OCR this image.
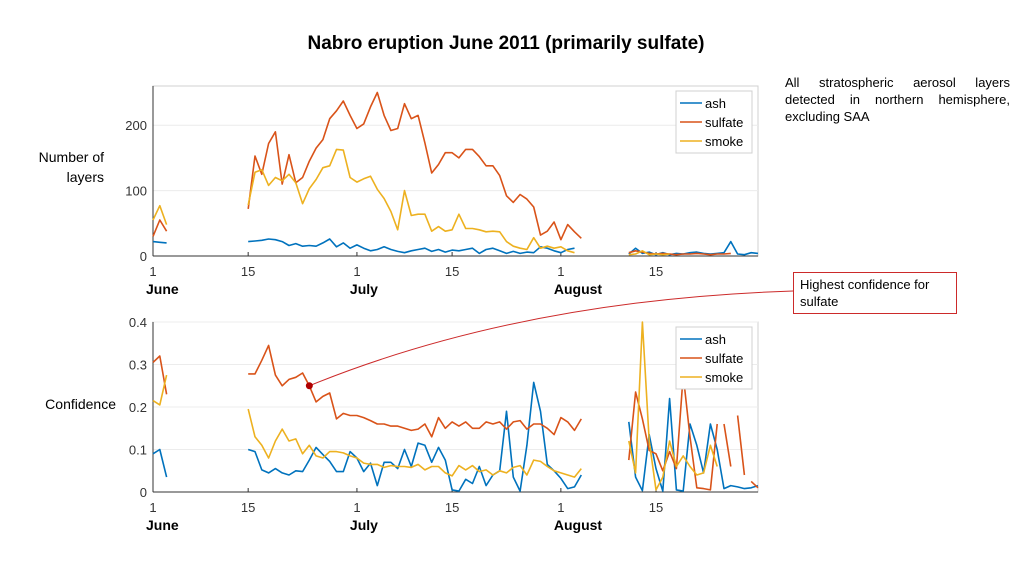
Nabro eruption June 2011 (primarily sulfate)
All stratospheric aerosol layers detected in northern hemisphere, excluding SAA
0
100
200
1	15	1	15	1	15
June	July	August
Number of
layers
ash
sulfate
smoke
0
0.1
0.2
0.3
0.4
1	15	1	15	1	15
June	July	August
Confidence
ash
sulfate
smoke
Highest confidence for sulfate
